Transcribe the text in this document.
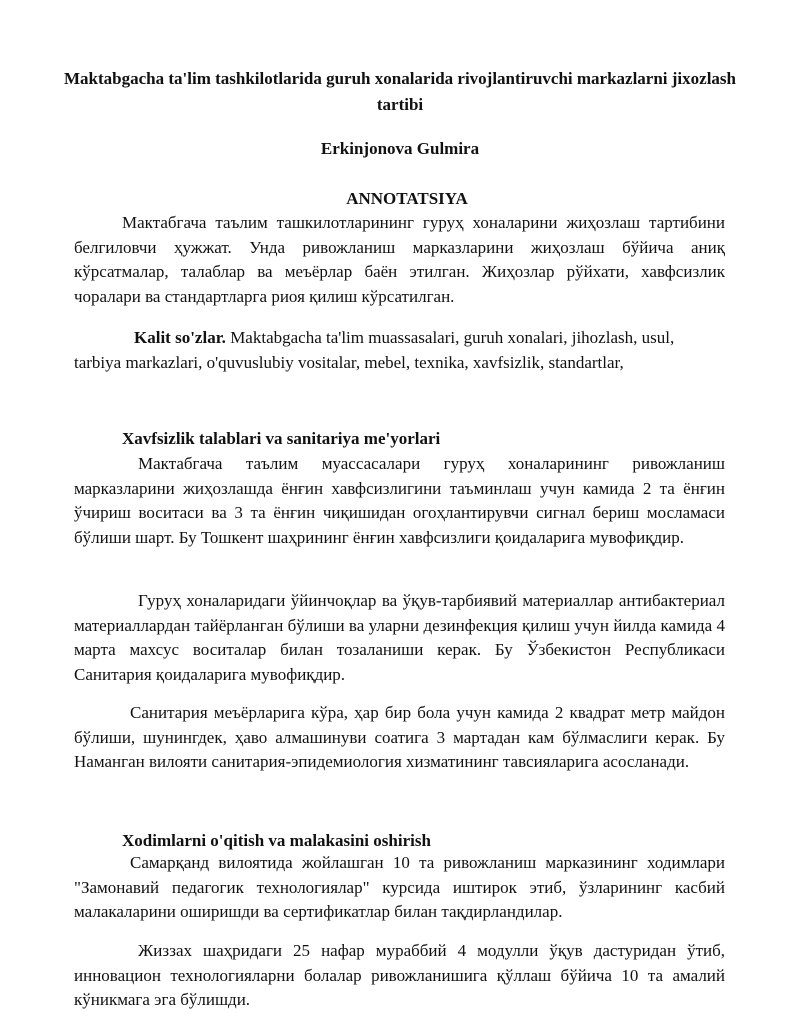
Maktabgacha ta'lim tashkilotlarida guruh xonalarida rivojlantiruvchi markazlarni jixozlash tartibi
Erkinjonova Gulmira
ANNOTATSIYA

Мактабгача таълим ташкилотларининг гуруҳ хоналарини жиҳозлаш тартибини белгиловчи ҳужжат. Унда ривожланиш марказларини жиҳозлаш бўйича аниқ кўрсатмалар, талаблар ва меъёрлар баён этилган. Жиҳозлар рўйхати, хавфсизлик чоралари ва стандартларга риоя қилиш кўрсатилган.

Kalit so'zlar. Maktabgacha ta'lim muassasalari, guruh xonalari, jihozlash, usul, tarbiya markazlari, o'quvuslubiy vositalar, mebel, texnika, xavfsizlik, standartlar,

Xavfsizlik talablari va sanitariya me'yorlari

Мактабгача таълим муассасалари гуруҳ хоналарининг ривожланиш марказларини жиҳозлашда ёнғин хавфсизлигини таъминлаш учун камида 2 та ёнғин ўчириш воситаси ва 3 та ёнғин чиқишидан огоҳлантирувчи сигнал бериш мосламаси бўлиши шарт. Бу Тошкент шаҳрининг ёнғин хавфсизлиги қоидаларига мувофиқдир.

Гуруҳ хоналаридаги ўйинчоқлар ва ўқув-тарбиявий материаллар антибактериал материаллардан тайёрланган бўлиши ва уларни дезинфекция қилиш учун йилда камида 4 марта махсус воситалар билан тозаланиши керак. Бу Ўзбекистон Республикаси Санитария қоидаларига мувофиқдир.

Санитария меъёрларига кўра, ҳар бир бола учун камида 2 квадрат метр майдон бўлиши, шунингдек, ҳаво алмашинуви соатига 3 мартадан кам бўлмаслиги керак. Бу Наманган вилояти санитария-эпидемиология хизматининг тавсияларига асосланади.

Xodimlarni o'qitish va malakasini oshirish

Самарқанд вилоятида жойлашган 10 та ривожланиш марказининг ходимлари "Замонавий педагогик технологиялар" курсида иштирок этиб, ўзларининг касбий малакаларини оширишди ва сертификатлар билан тақдирландилар.

Жиззах шаҳридаги 25 нафар мураббий 4 модулли ўқув дастуридан ўтиб, инновацион технологияларни болалар ривожланишига қўллаш бўйича 10 та амалий кўникмага эга бўлишди.
